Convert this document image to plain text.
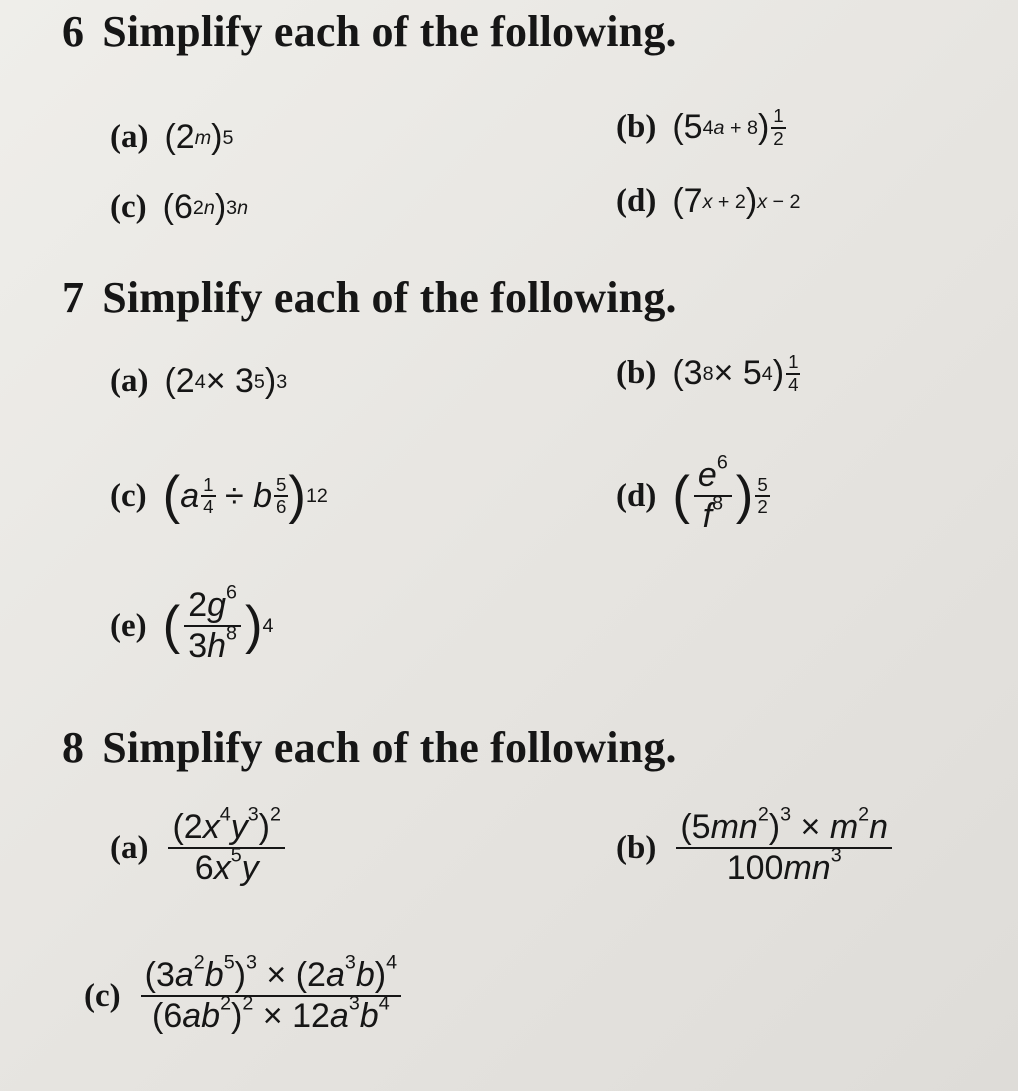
6 Simplify each of the following.
(a) (2 m ) 5	(b) (5 4a + 8 ) 1
2
(c) (6 2n ) 3n	(d) (7 x + 2 ) x − 2
7 Simplify each of the following.
(a) (2 4 × 3 5 ) 3	(b) (3 8 × 5 4 ) 1
4
(c) ( a 1
4 ÷ b 5
6 ) 12	(d) ( $\frac{e^6}{f^8}$ ) 5
2
(e) ( $\frac{2g^6}{3h^8}$ ) 4
8 Simplify each of the following.
$(a) \frac{(2x^4y^3)^2}{6x^5y}$	$(b) \frac{(5mn^2)^3 \times m^2n}{100mn^3}$
$(c) \frac{(3a^2b^5)^3 \times (2a^3b)^4}{(6ab^2)^2 \times 12a^3b^4}$
